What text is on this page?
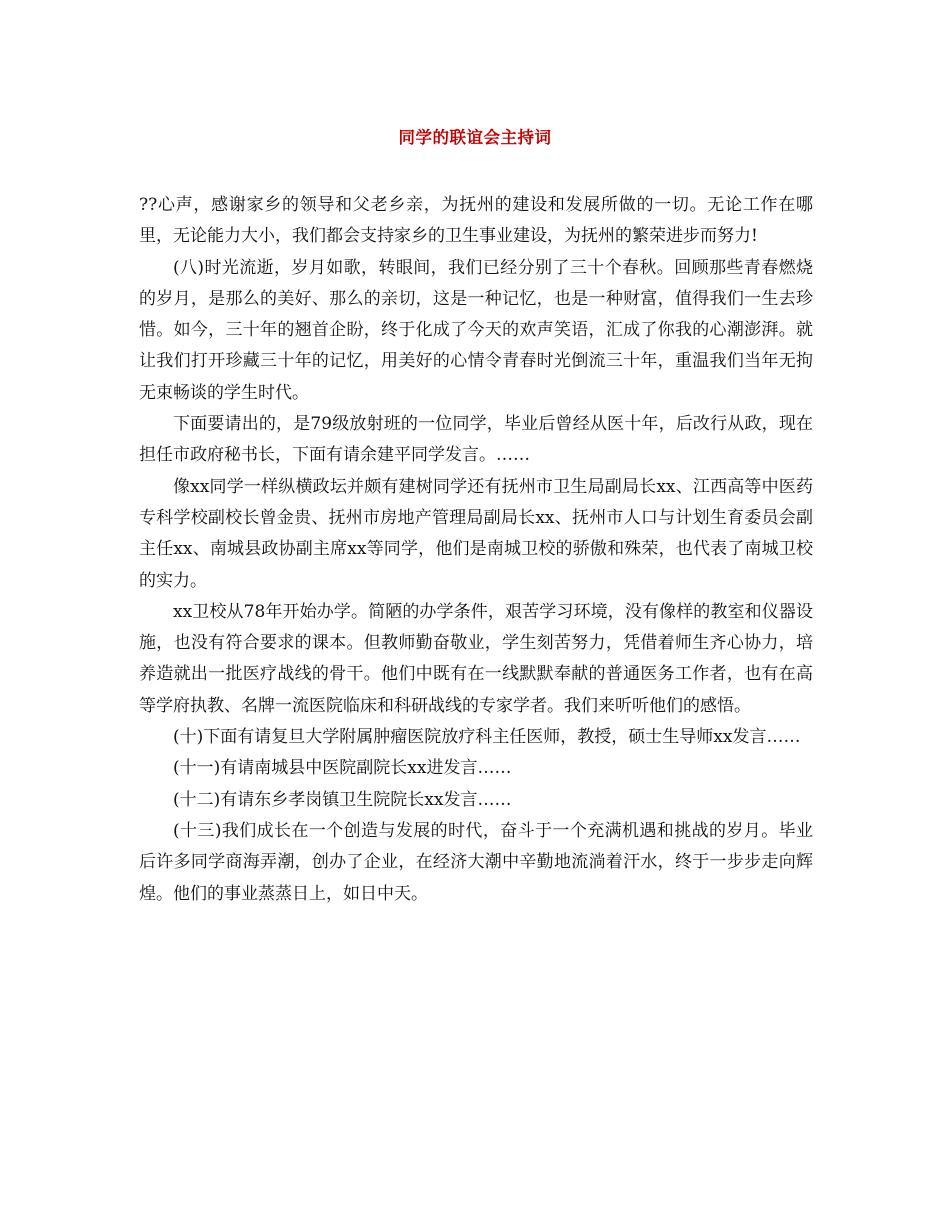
同学的联谊会主持词

??心声，感谢家乡的领导和父老乡亲，为抚州的建设和发展所做的一切。无论工作在哪里，无论能力大小，我们都会支持家乡的卫生事业建设，为抚州的繁荣进步而努力!

(八)时光流逝，岁月如歌，转眼间，我们已经分别了三十个春秋。回顾那些青春燃烧的岁月，是那么的美好、那么的亲切，这是一种记忆，也是一种财富，值得我们一生去珍惜。如今，三十年的翘首企盼，终于化成了今天的欢声笑语，汇成了你我的心潮澎湃。就让我们打开珍藏三十年的记忆，用美好的心情令青春时光倒流三十年，重温我们当年无拘无束畅谈的学生时代。

下面要请出的，是79级放射班的一位同学，毕业后曾经从医十年，后改行从政，现在担任市政府秘书长，下面有请余建平同学发言。……

像xx同学一样纵横政坛并颇有建树同学还有抚州市卫生局副局长xx、江西高等中医药专科学校副校长曾金贵、抚州市房地产管理局副局长xx、抚州市人口与计划生育委员会副主任xx、南城县政协副主席xx等同学，他们是南城卫校的骄傲和殊荣，也代表了南城卫校的实力。

xx卫校从78年开始办学。简陋的办学条件，艰苦学习环境，没有像样的教室和仪器设施，也没有符合要求的课本。但教师勤奋敬业，学生刻苦努力，凭借着师生齐心协力，培养造就出一批医疗战线的骨干。他们中既有在一线默默奉献的普通医务工作者，也有在高等学府执教、名牌一流医院临床和科研战线的专家学者。我们来听听他们的感悟。

(十)下面有请复旦大学附属肿瘤医院放疗科主任医师，教授，硕士生导师xx发言……

(十一)有请南城县中医院副院长xx进发言……

(十二)有请东乡孝岗镇卫生院院长xx发言……

(十三)我们成长在一个创造与发展的时代，奋斗于一个充满机遇和挑战的岁月。毕业后许多同学商海弄潮，创办了企业，在经济大潮中辛勤地流淌着汗水，终于一步步走向辉煌。他们的事业蒸蒸日上，如日中天。
